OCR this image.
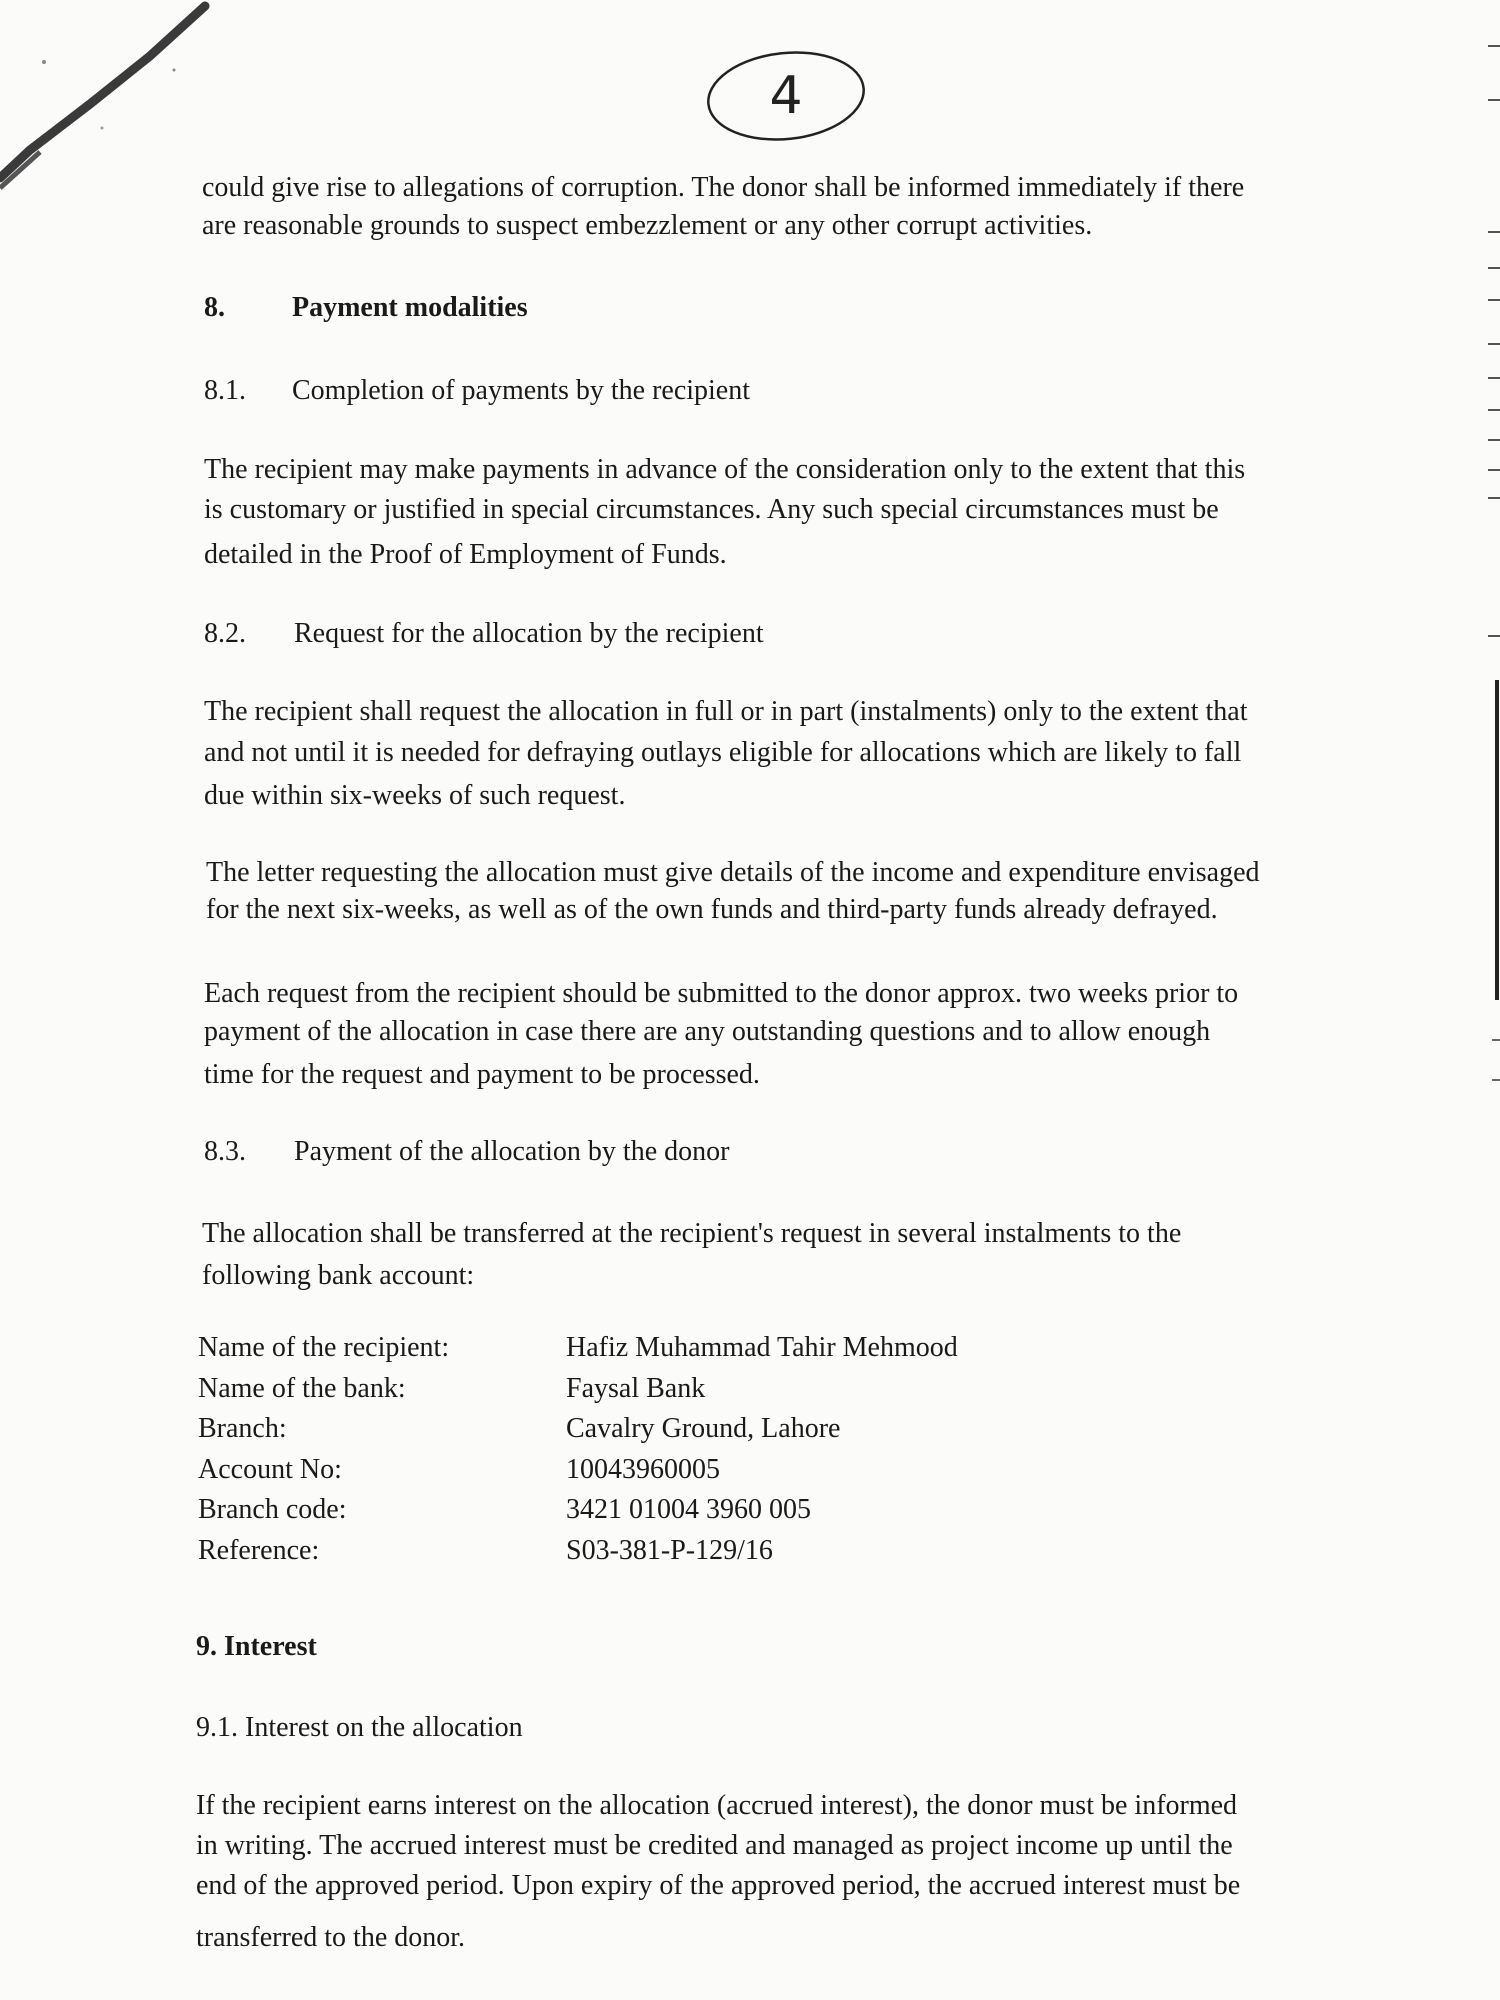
4

could give rise to allegations of corruption. The donor shall be informed immediately if there

are reasonable grounds to suspect embezzlement or any other corrupt activities.

8. Payment modalities

8.1. Completion of payments by the recipient

The recipient may make payments in advance of the consideration only to the extent that this

is customary or justified in special circumstances. Any such special circumstances must be

detailed in the Proof of Employment of Funds.

8.2. Request for the allocation by the recipient

The recipient shall request the allocation in full or in part (instalments) only to the extent that

and not until it is needed for defraying outlays eligible for allocations which are likely to fall

due within six-weeks of such request.

The letter requesting the allocation must give details of the income and expenditure envisaged

for the next six-weeks, as well as of the own funds and third-party funds already defrayed.

Each request from the recipient should be submitted to the donor approx. two weeks prior to

payment of the allocation in case there are any outstanding questions and to allow enough

time for the request and payment to be processed.

8.3. Payment of the allocation by the donor

The allocation shall be transferred at the recipient's request in several instalments to the

following bank account:

Name of the recipient:	Hafiz Muhammad Tahir Mehmood
Name of the bank:	Faysal Bank
Branch:	Cavalry Ground, Lahore
Account No:	10043960005
Branch code:	3421 01004 3960 005
Reference:	S03-381-P-129/16

9. Interest

9.1. Interest on the allocation

If the recipient earns interest on the allocation (accrued interest), the donor must be informed

in writing. The accrued interest must be credited and managed as project income up until the

end of the approved period. Upon expiry of the approved period, the accrued interest must be

transferred to the donor.
